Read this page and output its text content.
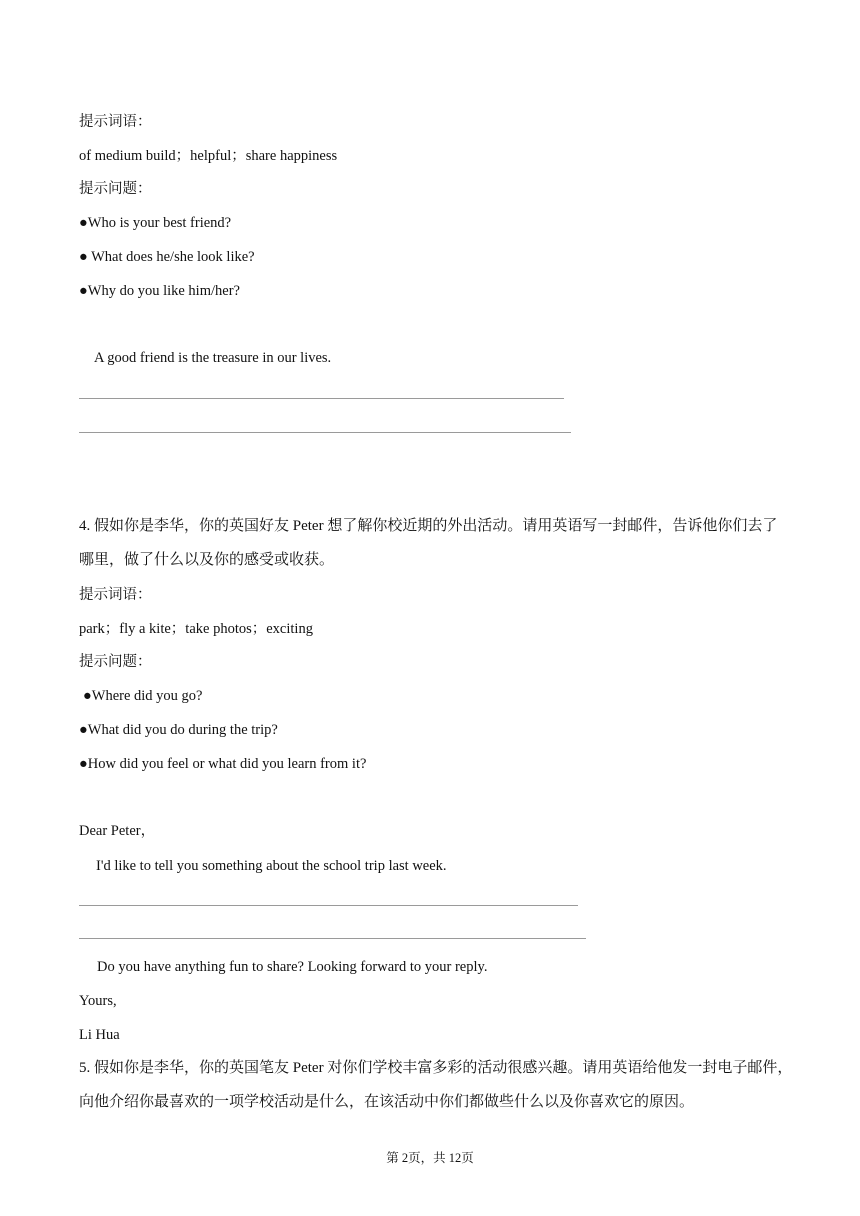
提示词语：
of medium build；helpful；share happiness
提示问题：
●Who is your best friend?
● What does he/she look like?
●Why do you like him/her?
A good friend is the treasure in our lives.
4. 假如你是李华，你的英国好友 Peter 想了解你校近期的外出活动。请用英语写一封邮件，告诉他你们去了
哪里，做了什么以及你的感受或收获。
提示词语：
park；fly a kite；take photos；exciting
提示问题：
●Where did you go?
●What did you do during the trip?
●How did you feel or what did you learn from it?
Dear Peter，
I'd like to tell you something about the school trip last week.
Do you have anything fun to share? Looking forward to your reply.
Yours,
Li Hua
5. 假如你是李华，你的英国笔友 Peter 对你们学校丰富多彩的活动很感兴趣。请用英语给他发一封电子邮件，
向他介绍你最喜欢的一项学校活动是什么，在该活动中你们都做些什么以及你喜欢它的原因。
第 2页，共 12页
